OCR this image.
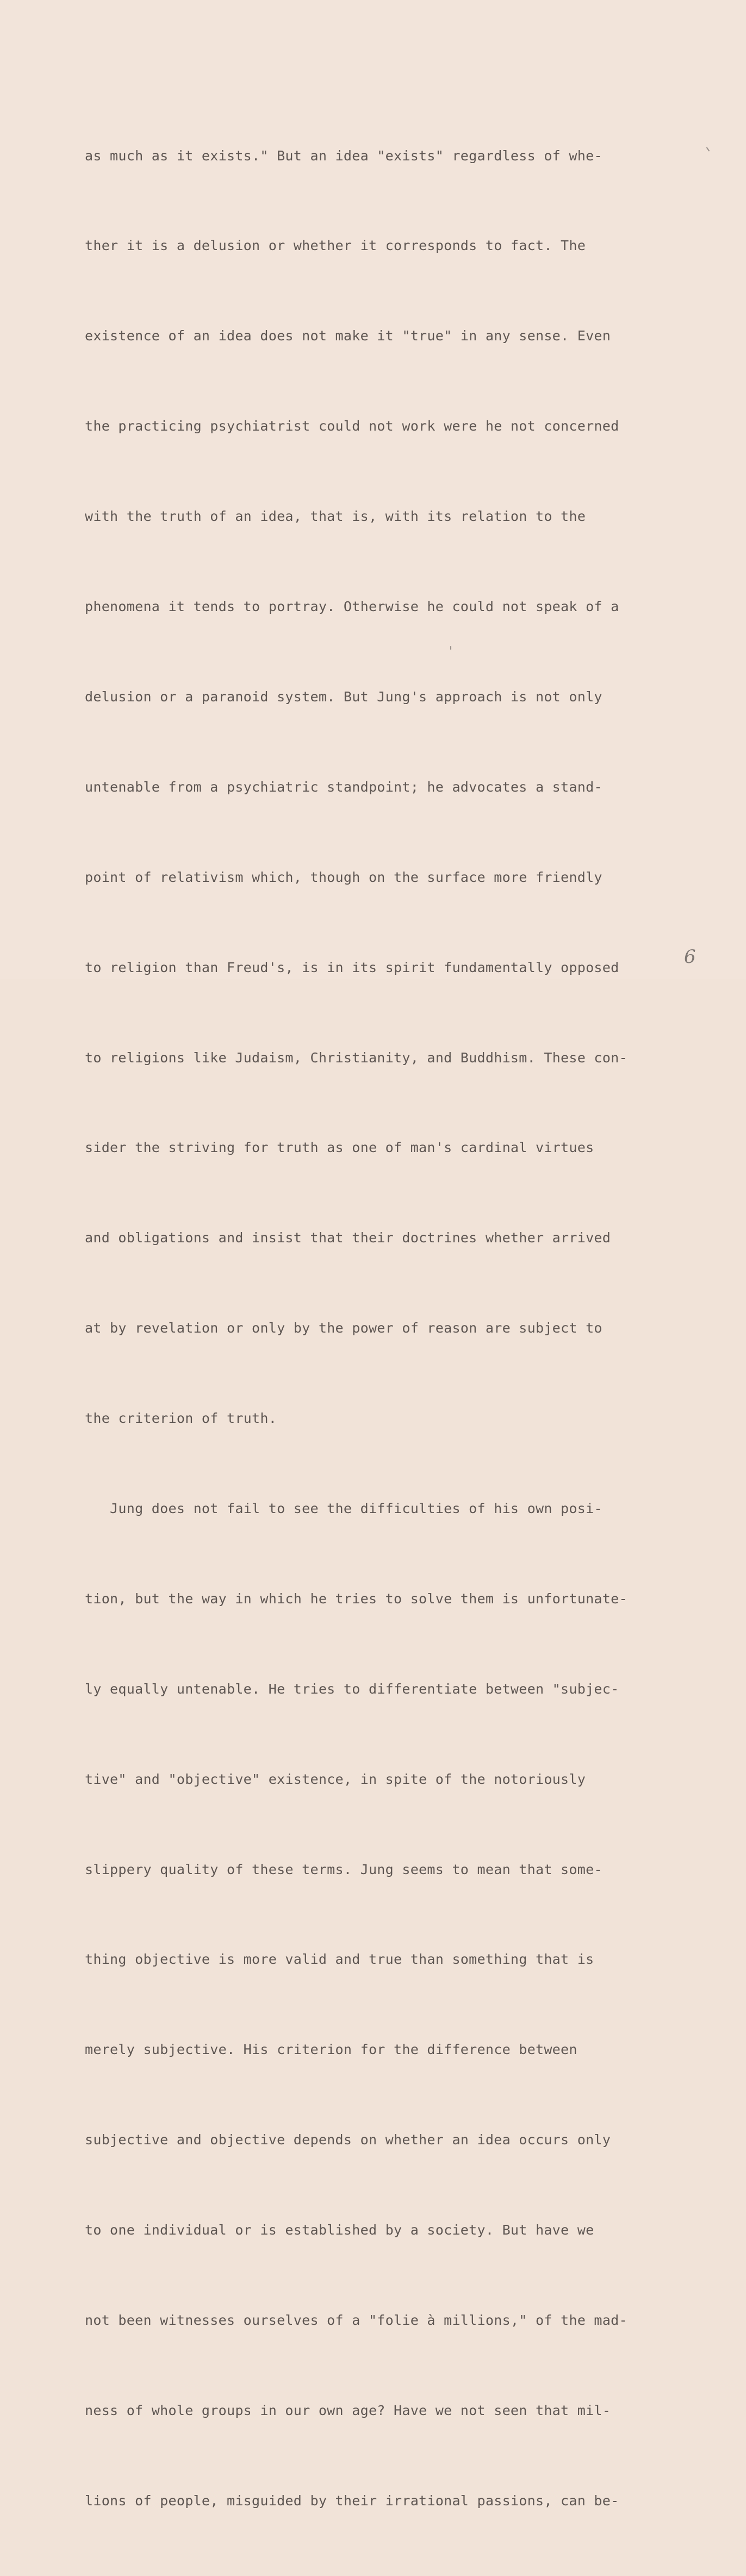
as much as it exists." But an idea "exists" regardless of whe-

ther it is a delusion or whether it corresponds to fact. The

existence of an idea does not make it "true" in any sense. Even

the practicing psychiatrist could not work were he not concerned

with the truth of an idea, that is, with its relation to the

phenomena it tends to portray. Otherwise he could not speak of a

delusion or a paranoid system. But Jung's approach is not only

untenable from a psychiatric standpoint; he advocates a stand-

point of relativism which, though on the surface more friendly

to religion than Freud's, is in its spirit fundamentally opposed

to religions like Judaism, Christianity, and Buddhism. These con-

sider the striving for truth as one of man's cardinal virtues

and obligations and insist that their doctrines whether arrived

at by revelation or only by the power of reason are subject to

the criterion of truth.

Jung does not fail to see the difficulties of his own posi-

tion, but the way in which he tries to solve them is unfortunate-

ly equally untenable. He tries to differentiate between "subjec-

tive" and "objective" existence, in spite of the notoriously

slippery quality of these terms. Jung seems to mean that some-

thing objective is more valid and true than something that is

merely subjective. His criterion for the difference between

subjective and objective depends on whether an idea occurs only

to one individual or is established by a society. But have we

not been witnesses ourselves of a "folie à millions," of the mad-

ness of whole groups in our own age? Have we not seen that mil-

lions of people, misguided by their irrational passions, can be-

6
